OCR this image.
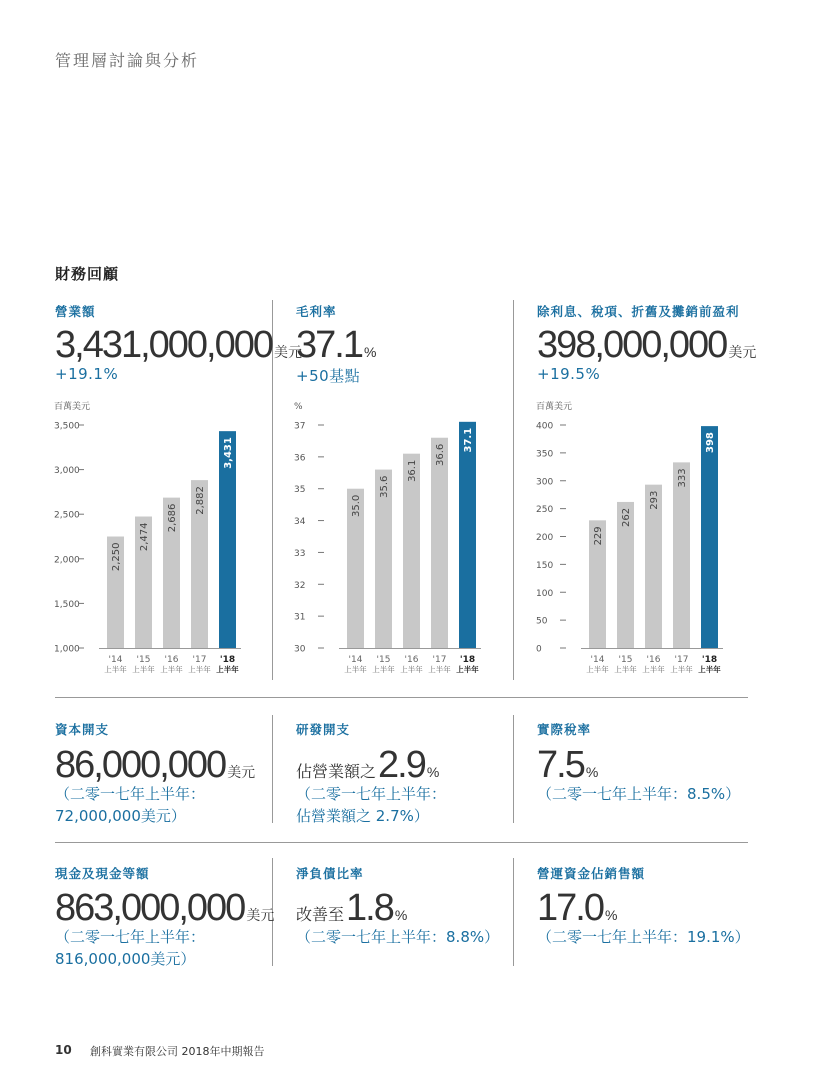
管理層討論與分析
財務回顧
營業額
3,431,000,000 美元
+19.1%
毛利率
37.1 %
+50基點
除利息、稅項、折舊及攤銷前盈利
398,000,000 美元
+19.5%
百萬美元
1,000
1,500
2,000
2,500
3,000
3,500
2,250
'14
上半年
2,474
'15
上半年
2,686
'16
上半年
2,882
'17
上半年
3,431
'18
上半年
%
30
31
32
33
34
35
36
37
35.0
'14
上半年
35.6
'15
上半年
36.1
'16
上半年
36.6
'17
上半年
37.1
'18
上半年
百萬美元
0
50
100
150
200
250
300
350
400
229
'14
上半年
262
'15
上半年
293
'16
上半年
333
'17
上半年
398
'18
上半年
資本開支
86,000,000 美元
（二零一七年上半年：
72,000,000美元）
研發開支
佔營業額之2.9 %
（二零一七年上半年：
佔營業額之 2.7%）
實際稅率
7.5 %
（二零一七年上半年：8.5%）
現金及現金等額
863,000,000 美元
（二零一七年上半年：
816,000,000美元）
淨負債比率
改善至1.8 %
（二零一七年上半年：8.8%）
營運資金佔銷售額
17.0 %
（二零一七年上半年：19.1%）
10 創科實業有限公司 2018年中期報告
